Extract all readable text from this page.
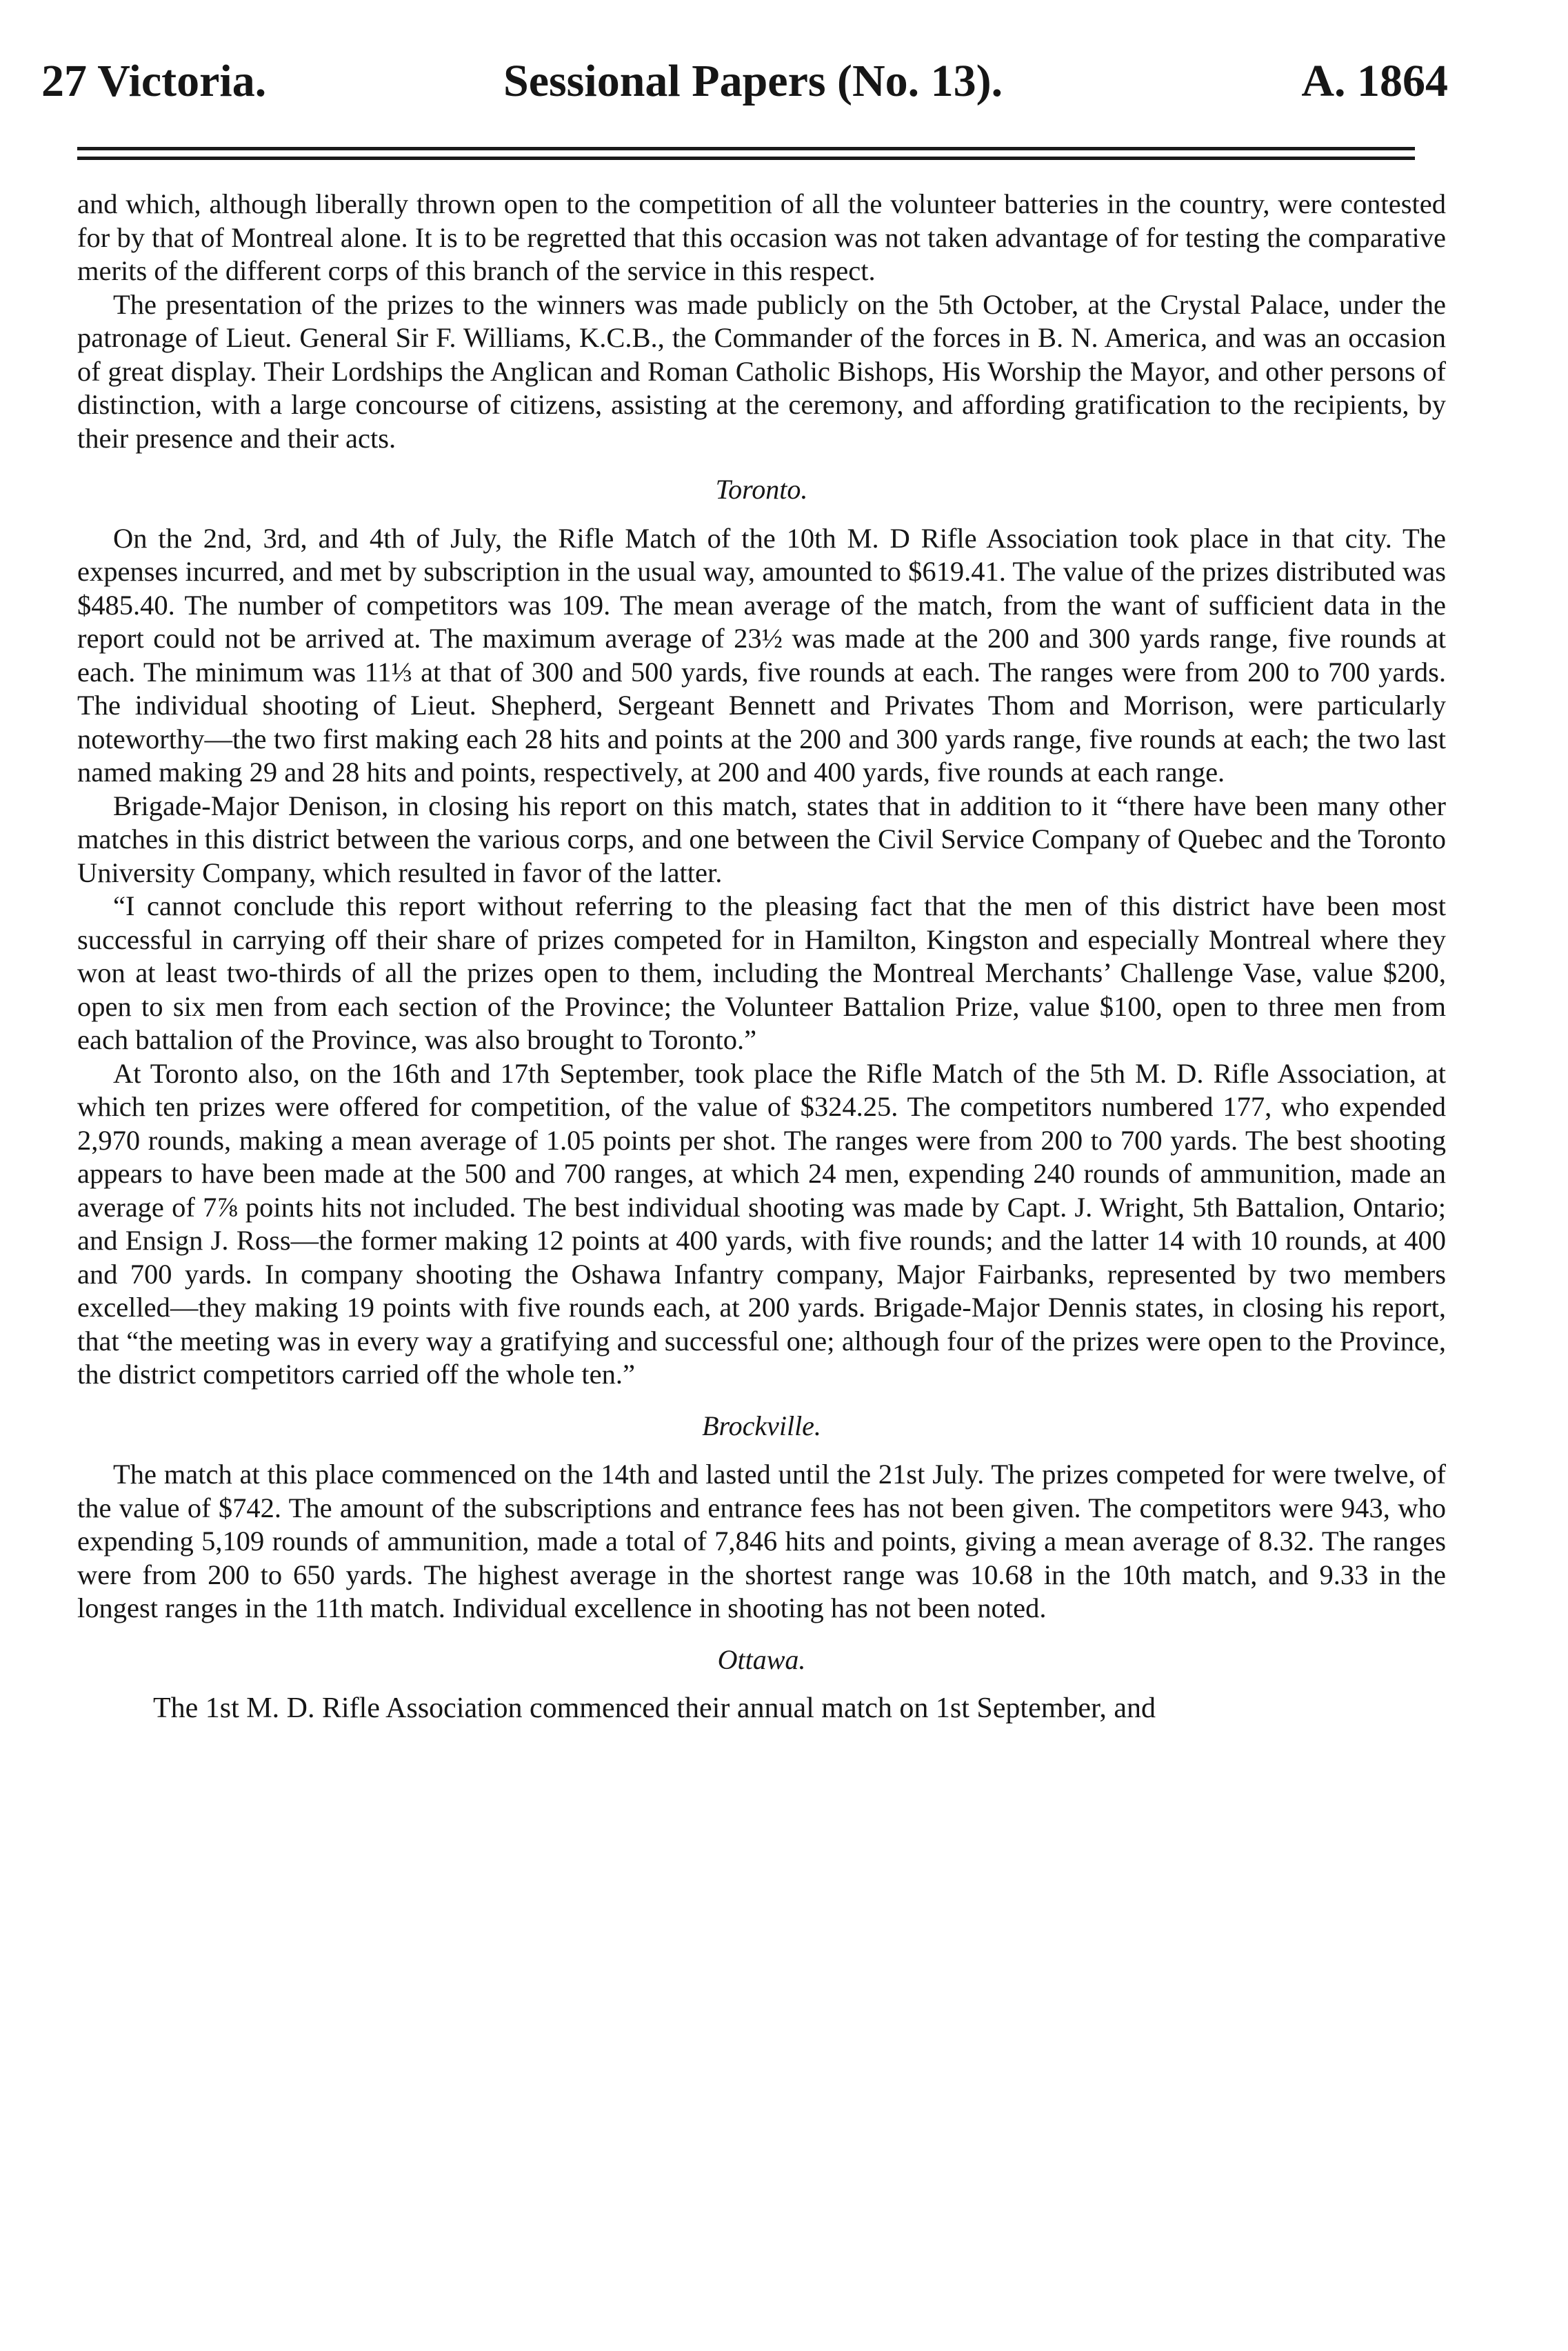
27 Victoria.	Sessional Papers (No. 13).	A. 1864

and which, although liberally thrown open to the competition of all the volunteer batteries in the country, were contested for by that of Montreal alone. It is to be regretted that this occasion was not taken advantage of for testing the comparative merits of the different corps of this branch of the service in this respect.

The presentation of the prizes to the winners was made publicly on the 5th October, at the Crystal Palace, under the patronage of Lieut. General Sir F. Williams, K.C.B., the Commander of the forces in B. N. America, and was an occasion of great display. Their Lordships the Anglican and Roman Catholic Bishops, His Worship the Mayor, and other persons of distinction, with a large concourse of citizens, assisting at the ceremony, and affording gratification to the recipients, by their presence and their acts.

Toronto.

On the 2nd, 3rd, and 4th of July, the Rifle Match of the 10th M. D Rifle Association took place in that city. The expenses incurred, and met by subscription in the usual way, amounted to $619.41. The value of the prizes distributed was $485.40. The number of competitors was 109. The mean average of the match, from the want of sufficient data in the report could not be arrived at. The maximum average of 23½ was made at the 200 and 300 yards range, five rounds at each. The minimum was 11⅓ at that of 300 and 500 yards, five rounds at each. The ranges were from 200 to 700 yards. The individual shooting of Lieut. Shepherd, Sergeant Bennett and Privates Thom and Morrison, were particularly noteworthy—the two first making each 28 hits and points at the 200 and 300 yards range, five rounds at each; the two last named making 29 and 28 hits and points, respectively, at 200 and 400 yards, five rounds at each range.

Brigade-Major Denison, in closing his report on this match, states that in addition to it “there have been many other matches in this district between the various corps, and one between the Civil Service Company of Quebec and the Toronto University Company, which resulted in favor of the latter.

“I cannot conclude this report without referring to the pleasing fact that the men of this district have been most successful in carrying off their share of prizes competed for in Hamilton, Kingston and especially Montreal where they won at least two-thirds of all the prizes open to them, including the Montreal Merchants’ Challenge Vase, value $200, open to six men from each section of the Province; the Volunteer Battalion Prize, value $100, open to three men from each battalion of the Province, was also brought to Toronto.”

At Toronto also, on the 16th and 17th September, took place the Rifle Match of the 5th M. D. Rifle Association, at which ten prizes were offered for competition, of the value of $324.25. The competitors numbered 177, who expended 2,970 rounds, making a mean average of 1.05 points per shot. The ranges were from 200 to 700 yards. The best shooting appears to have been made at the 500 and 700 ranges, at which 24 men, expending 240 rounds of ammunition, made an average of 7⅞ points hits not included. The best individual shooting was made by Capt. J. Wright, 5th Battalion, Ontario; and Ensign J. Ross—the former making 12 points at 400 yards, with five rounds; and the latter 14 with 10 rounds, at 400 and 700 yards. In company shooting the Oshawa Infantry company, Major Fairbanks, represented by two members excelled—they making 19 points with five rounds each, at 200 yards. Brigade-Major Dennis states, in closing his report, that “the meeting was in every way a gratifying and successful one; although four of the prizes were open to the Province, the district competitors carried off the whole ten.”

Brockville.

The match at this place commenced on the 14th and lasted until the 21st July. The prizes competed for were twelve, of the value of $742. The amount of the subscriptions and entrance fees has not been given. The competitors were 943, who expending 5,109 rounds of ammunition, made a total of 7,846 hits and points, giving a mean average of 8.32. The ranges were from 200 to 650 yards. The highest average in the shortest range was 10.68 in the 10th match, and 9.33 in the longest ranges in the 11th match. Individual excellence in shooting has not been noted.

Ottawa.

The 1st M. D. Rifle Association commenced their annual match on 1st September, and
